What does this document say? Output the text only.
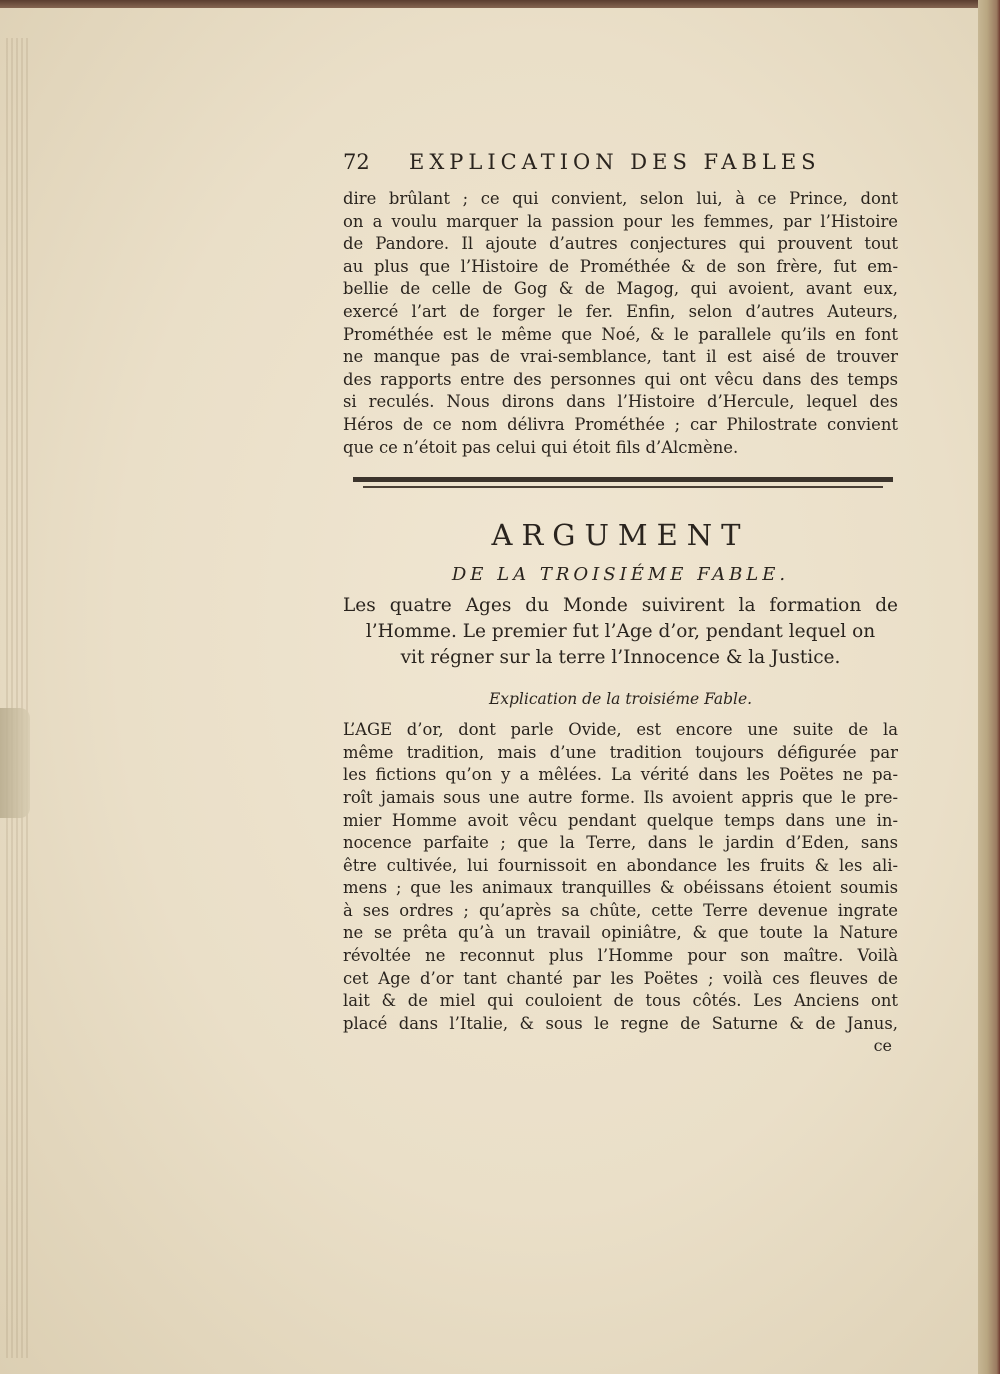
72 EXPLICATION DES FABLES
dire brûlant ; ce qui convient, selon lui, à ce Prince, dont
on a voulu marquer la passion pour les femmes, par l’Histoire
de Pandore. Il ajoute d’autres conjectures qui prouvent tout
au plus que l’Histoire de Prométhée & de son frère, fut em-
bellie de celle de Gog & de Magog, qui avoient, avant eux,
exercé l’art de forger le fer. Enfin, selon d’autres Auteurs,
Prométhée est le même que Noé, & le parallele qu’ils en font
ne manque pas de vrai-semblance, tant il est aisé de trouver
des rapports entre des personnes qui ont vêcu dans des temps
si reculés. Nous dirons dans l’Histoire d’Hercule, lequel des
Héros de ce nom délivra Prométhée ; car Philostrate convient
que ce n’étoit pas celui qui étoit fils d’Alcmène.
ARGUMENT
DE LA TROISIÉME FABLE.
Les quatre Ages du Monde suivirent la formation de
l’Homme. Le premier fut l’Age d’or, pendant lequel on
vit régner sur la terre l’Innocence & la Justice.
Explication de la troisiéme Fable.
L’AGE d’or, dont parle Ovide, est encore une suite de la
même tradition, mais d’une tradition toujours défigurée par
les fictions qu’on y a mêlées. La vérité dans les Poëtes ne pa-
roît jamais sous une autre forme. Ils avoient appris que le pre-
mier Homme avoit vêcu pendant quelque temps dans une in-
nocence parfaite ; que la Terre, dans le jardin d’Eden, sans
être cultivée, lui fournissoit en abondance les fruits & les ali-
mens ; que les animaux tranquilles & obéissans étoient soumis
à ses ordres ; qu’après sa chûte, cette Terre devenue ingrate
ne se prêta qu’à un travail opiniâtre, & que toute la Nature
révoltée ne reconnut plus l’Homme pour son maître. Voilà
cet Age d’or tant chanté par les Poëtes ; voilà ces fleuves de
lait & de miel qui couloient de tous côtés. Les Anciens ont
placé dans l’Italie, & sous le regne de Saturne & de Janus,
ce
